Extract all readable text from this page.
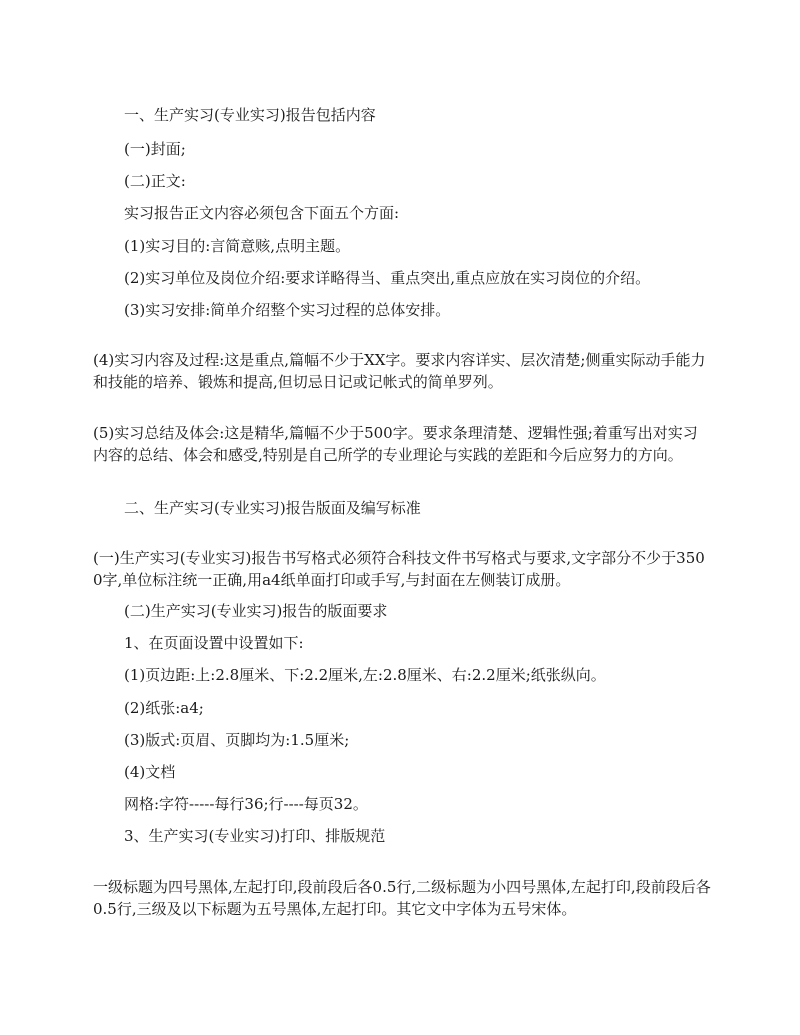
一、生产实习(专业实习)报告包括内容
(一)封面;
(二)正文:
实习报告正文内容必须包含下面五个方面:
(1)实习目的:言简意赅,点明主题。
(2)实习单位及岗位介绍:要求详略得当、重点突出,重点应放在实习岗位的介绍。
(3)实习安排:简单介绍整个实习过程的总体安排。
(4)实习内容及过程:这是重点,篇幅不少于XX字。要求内容详实、层次清楚;侧重实际动手能力和技能的培养、锻炼和提高,但切忌日记或记帐式的简单罗列。
(5)实习总结及体会:这是精华,篇幅不少于500字。要求条理清楚、逻辑性强;着重写出对实习内容的总结、体会和感受,特别是自己所学的专业理论与实践的差距和今后应努力的方向。
二、生产实习(专业实习)报告版面及编写标准
(一)生产实习(专业实习)报告书写格式必须符合科技文件书写格式与要求,文字部分不少于3500字,单位标注统一正确,用a4纸单面打印或手写,与封面在左侧装订成册。
(二)生产实习(专业实习)报告的版面要求
1、在页面设置中设置如下:
(1)页边距:上:2.8厘米、下:2.2厘米,左:2.8厘米、右:2.2厘米;纸张纵向。
(2)纸张:a4;
(3)版式:页眉、页脚均为:1.5厘米;
(4)文档
网格:字符-----每行36;行----每页32。
3、生产实习(专业实习)打印、排版规范
一级标题为四号黑体,左起打印,段前段后各0.5行,二级标题为小四号黑体,左起打印,段前段后各0.5行,三级及以下标题为五号黑体,左起打印。其它文中字体为五号宋体。
